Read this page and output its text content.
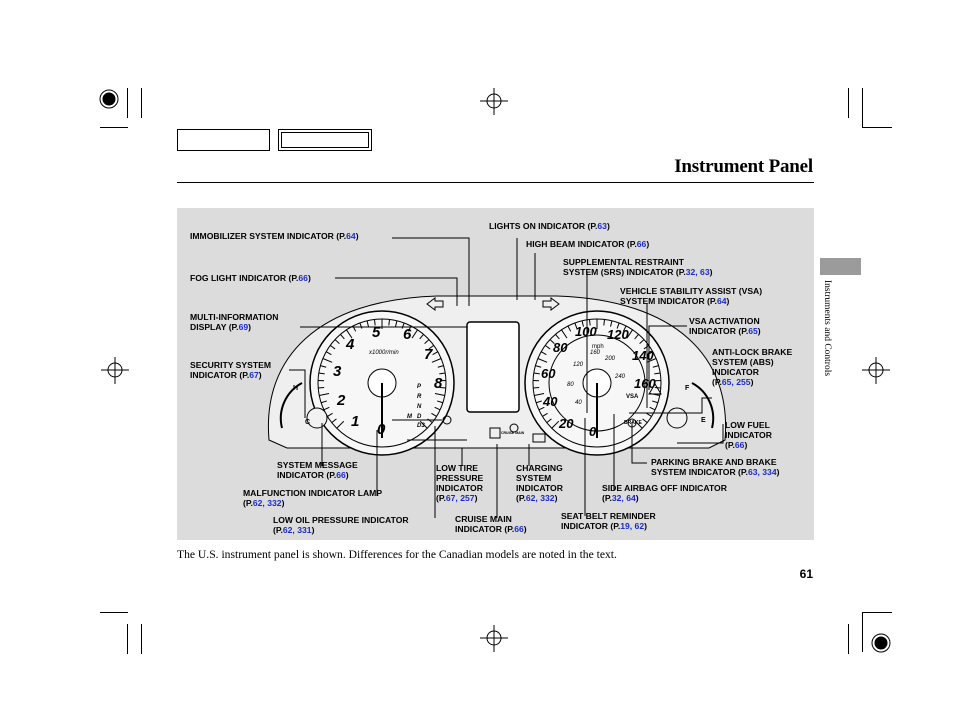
Instrument Panel
Instruments and Controls
0
1
2
3
4
5 6
7
8
x1000r/min
0
20
40
60
80
100 120
140
160
40
80
120
160
200
240
mph
P
R
N
D
M
D3
H
C
F
E
VSA
BRAKE
CRUISE MAIN
IMMOBILIZER SYSTEM INDICATOR (P.64)
FOG LIGHT INDICATOR (P.66)
MULTI-INFORMATION
DISPLAY (P.69)
SECURITY SYSTEM
INDICATOR (P.67)
LIGHTS ON INDICATOR (P.63)
HIGH BEAM INDICATOR (P.66)
SUPPLEMENTAL RESTRAINT
SYSTEM (SRS) INDICATOR (P.32, 63)
VEHICLE STABILITY ASSIST (VSA)
SYSTEM INDICATOR (P.64)
VSA ACTIVATION
INDICATOR (P.65)
ANTI-LOCK BRAKE
SYSTEM (ABS)
INDICATOR
(P.65, 255)
LOW FUEL
INDICATOR
(P.66)
PARKING BRAKE AND BRAKE
SYSTEM INDICATOR (P.63, 334)
SYSTEM MESSAGE
INDICATOR (P.66)
MALFUNCTION INDICATOR LAMP
(P.62, 332)
LOW OIL PRESSURE INDICATOR
(P.62, 331)
LOW TIRE
PRESSURE
INDICATOR
(P.67, 257)
CHARGING
SYSTEM
INDICATOR
(P.62, 332)
CRUISE MAIN
INDICATOR (P.66)
SIDE AIRBAG OFF INDICATOR
(P.32, 64)
SEAT BELT REMINDER
INDICATOR (P.19, 62)
The U.S. instrument panel is shown. Differences for the Canadian models are noted in the text.
61
